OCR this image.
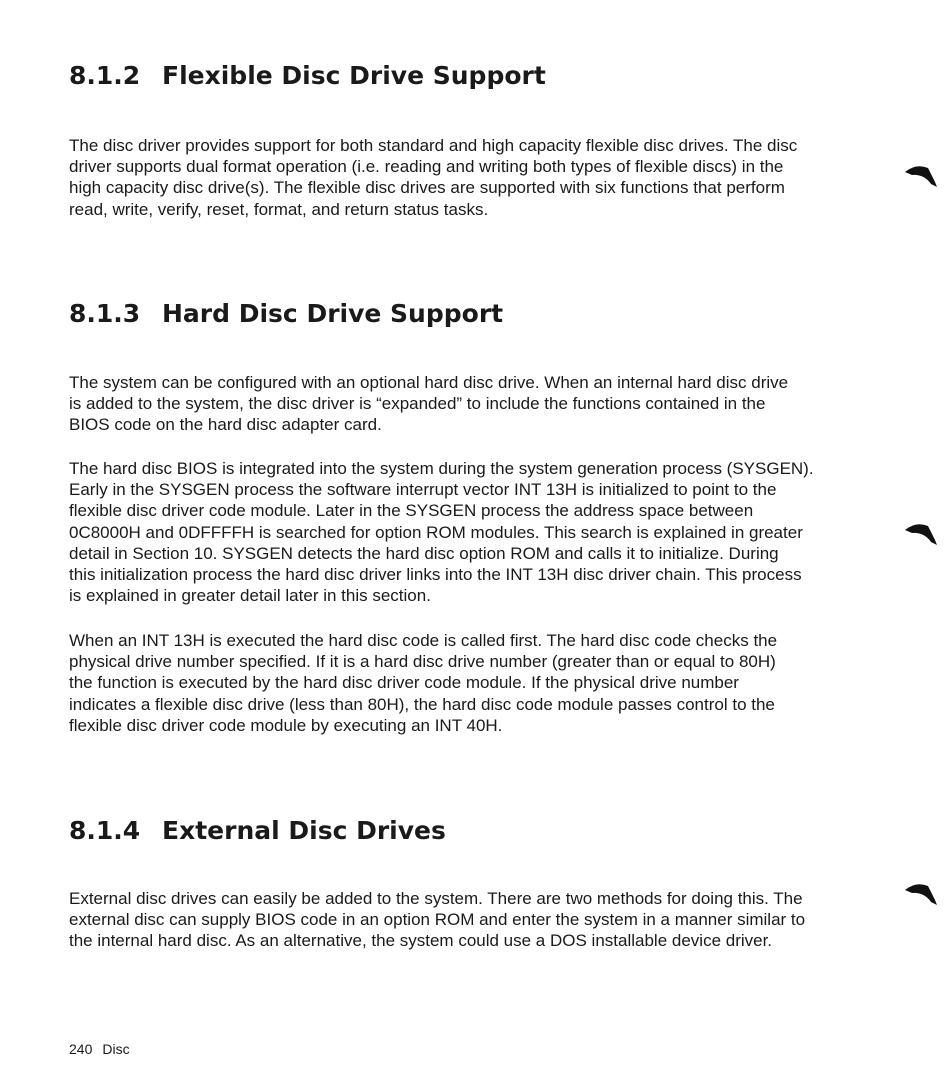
8.1.2 Flexible Disc Drive Support

The disc driver provides support for both standard and high capacity flexible disc drives. The disc
driver supports dual format operation (i.e. reading and writing both types of flexible discs) in the
high capacity disc drive(s). The flexible disc drives are supported with six functions that perform
read, write, verify, reset, format, and return status tasks.

8.1.3 Hard Disc Drive Support

The system can be configured with an optional hard disc drive. When an internal hard disc drive
is added to the system, the disc driver is “expanded” to include the functions contained in the
BIOS code on the hard disc adapter card.

The hard disc BIOS is integrated into the system during the system generation process (SYSGEN).
Early in the SYSGEN process the software interrupt vector INT 13H is initialized to point to the
flexible disc driver code module. Later in the SYSGEN process the address space between
0C8000H and 0DFFFFH is searched for option ROM modules. This search is explained in greater
detail in Section 10. SYSGEN detects the hard disc option ROM and calls it to initialize. During
this initialization process the hard disc driver links into the INT 13H disc driver chain. This process
is explained in greater detail later in this section.

When an INT 13H is executed the hard disc code is called first. The hard disc code checks the
physical drive number specified. If it is a hard disc drive number (greater than or equal to 80H)
the function is executed by the hard disc driver code module. If the physical drive number
indicates a flexible disc drive (less than 80H), the hard disc code module passes control to the
flexible disc driver code module by executing an INT 40H.

8.1.4 External Disc Drives

External disc drives can easily be added to the system. There are two methods for doing this. The
external disc can supply BIOS code in an option ROM and enter the system in a manner similar to
the internal hard disc. As an alternative, the system could use a DOS installable device driver.

240 Disc
